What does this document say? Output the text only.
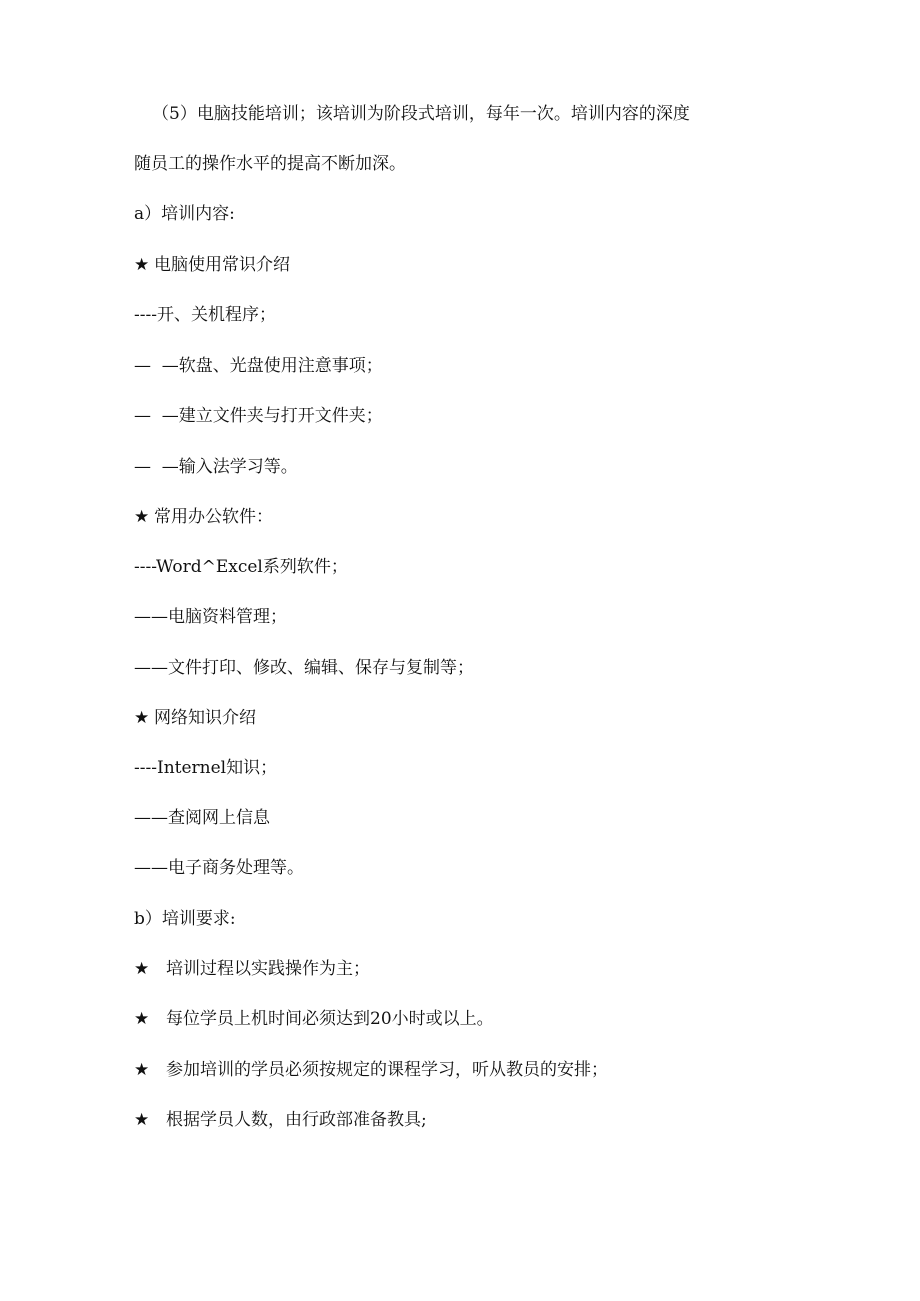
（5）电脑技能培训；该培训为阶段式培训，每年一次。培训内容的深度
随员工的操作水平的提高不断加深。
a）培训内容:
★ 电脑使用常识介绍
----开、关机程序；
—  —软盘、光盘使用注意事项；
—  —建立文件夹与打开文件夹；
—  —输入法学习等。
★ 常用办公软件：
----Word^Excel系列软件；
——电脑资料管理；
——文件打印、修改、编辑、保存与复制等；
★ 网络知识介绍
----Internel知识；
——查阅网上信息
——电子商务处理等。
b）培训要求:
★ 培训过程以实践操作为主；
★ 每位学员上机时间必须达到20小时或以上。
★ 参加培训的学员必须按规定的课程学习，听从教员的安排；
★ 根据学员人数，由行政部准备教具;
